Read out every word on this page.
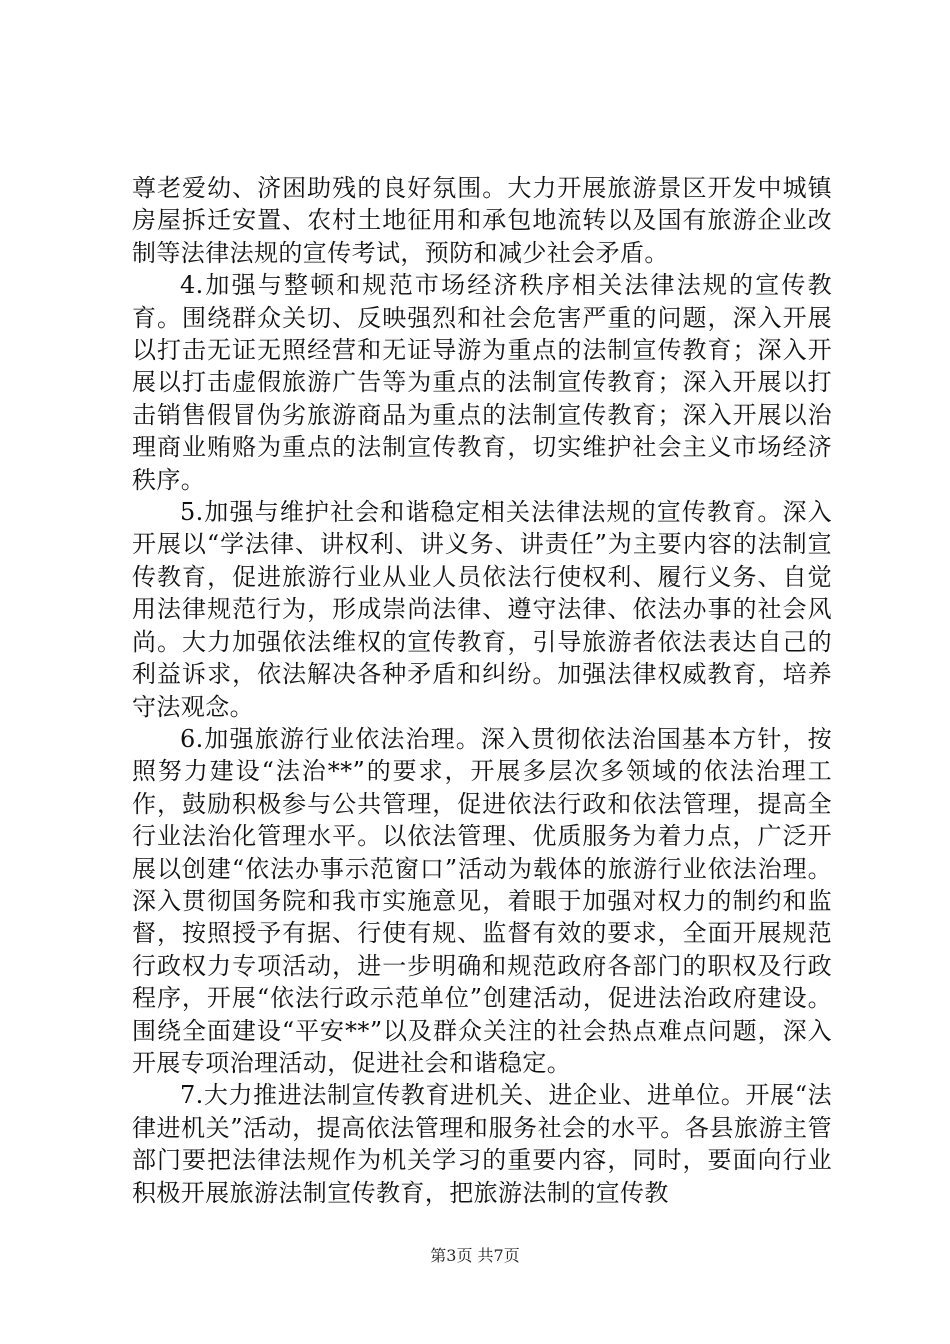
尊老爱幼、济困助残的良好氛围。大力开展旅游景区开发中城镇房屋拆迁安置、农村土地征用和承包地流转以及国有旅游企业改制等法律法规的宣传考试，预防和减少社会矛盾。

4.加强与整顿和规范市场经济秩序相关法律法规的宣传教育。围绕群众关切、反映强烈和社会危害严重的问题，深入开展以打击无证无照经营和无证导游为重点的法制宣传教育；深入开展以打击虚假旅游广告等为重点的法制宣传教育；深入开展以打击销售假冒伪劣旅游商品为重点的法制宣传教育；深入开展以治理商业贿赂为重点的法制宣传教育，切实维护社会主义市场经济秩序。

5.加强与维护社会和谐稳定相关法律法规的宣传教育。深入开展以“学法律、讲权利、讲义务、讲责任”为主要内容的法制宣传教育，促进旅游行业从业人员依法行使权利、履行义务、自觉用法律规范行为，形成崇尚法律、遵守法律、依法办事的社会风尚。大力加强依法维权的宣传教育，引导旅游者依法表达自己的利益诉求，依法解决各种矛盾和纠纷。加强法律权威教育，培养守法观念。

6.加强旅游行业依法治理。深入贯彻依法治国基本方针，按照努力建设“法治**”的要求，开展多层次多领域的依法治理工作，鼓励积极参与公共管理，促进依法行政和依法管理，提高全行业法治化管理水平。以依法管理、优质服务为着力点，广泛开展以创建“依法办事示范窗口”活动为载体的旅游行业依法治理。深入贯彻国务院和我市实施意见，着眼于加强对权力的制约和监督，按照授予有据、行使有规、监督有效的要求，全面开展规范行政权力专项活动，进一步明确和规范政府各部门的职权及行政程序，开展“依法行政示范单位”创建活动，促进法治政府建设。围绕全面建设“平安**”以及群众关注的社会热点难点问题，深入开展专项治理活动，促进社会和谐稳定。

7.大力推进法制宣传教育进机关、进企业、进单位。开展“法律进机关”活动，提高依法管理和服务社会的水平。各县旅游主管部门要把法律法规作为机关学习的重要内容，同时，要面向行业积极开展旅游法制宣传教育，把旅游法制的宣传教

第3页 共7页
